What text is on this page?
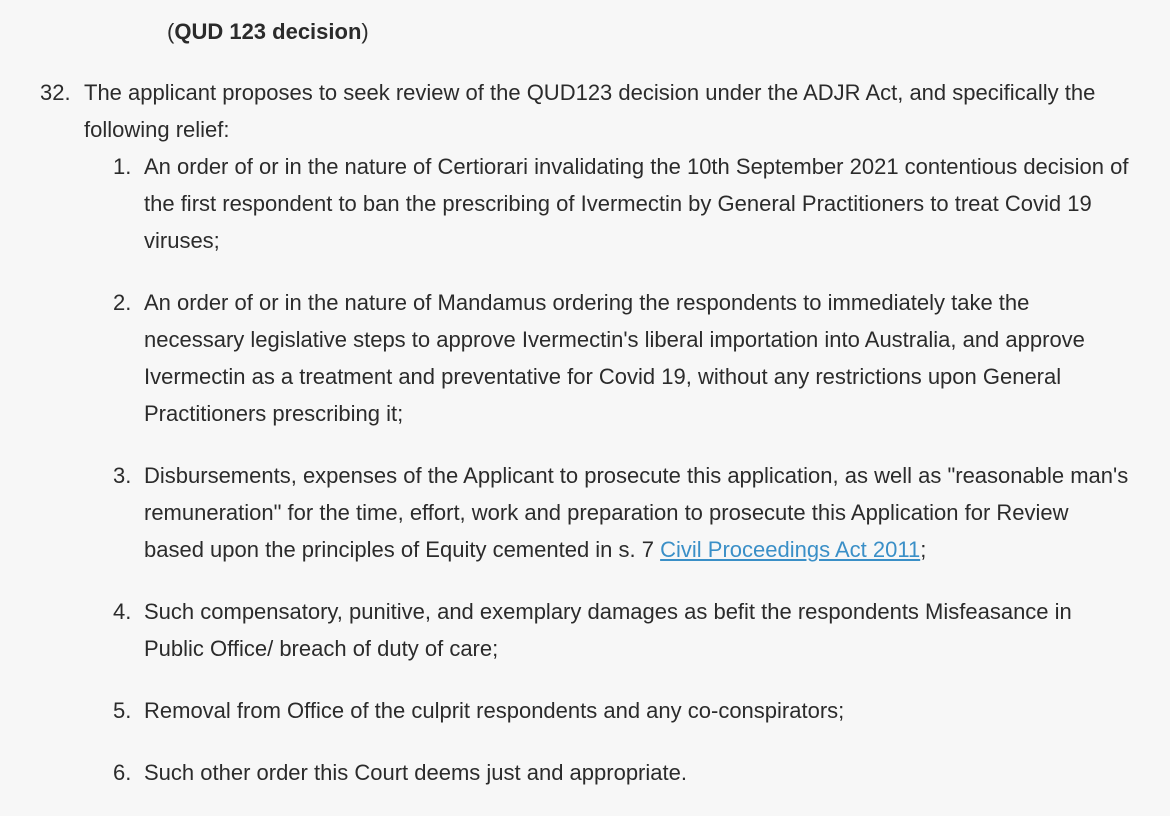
(QUD 123 decision)
32. The applicant proposes to seek review of the QUD123 decision under the ADJR Act, and specifically the following relief:
1. An order of or in the nature of Certiorari invalidating the 10th September 2021 contentious decision of the first respondent to ban the prescribing of Ivermectin by General Practitioners to treat Covid 19 viruses;
2. An order of or in the nature of Mandamus ordering the respondents to immediately take the necessary legislative steps to approve Ivermectin's liberal importation into Australia, and approve Ivermectin as a treatment and preventative for Covid 19, without any restrictions upon General Practitioners prescribing it;
3. Disbursements, expenses of the Applicant to prosecute this application, as well as "reasonable man's remuneration" for the time, effort, work and preparation to prosecute this Application for Review based upon the principles of Equity cemented in s. 7 Civil Proceedings Act 2011;
4. Such compensatory, punitive, and exemplary damages as befit the respondents Misfeasance in Public Office/ breach of duty of care;
5. Removal from Office of the culprit respondents and any co-conspirators;
6. Such other order this Court deems just and appropriate.
